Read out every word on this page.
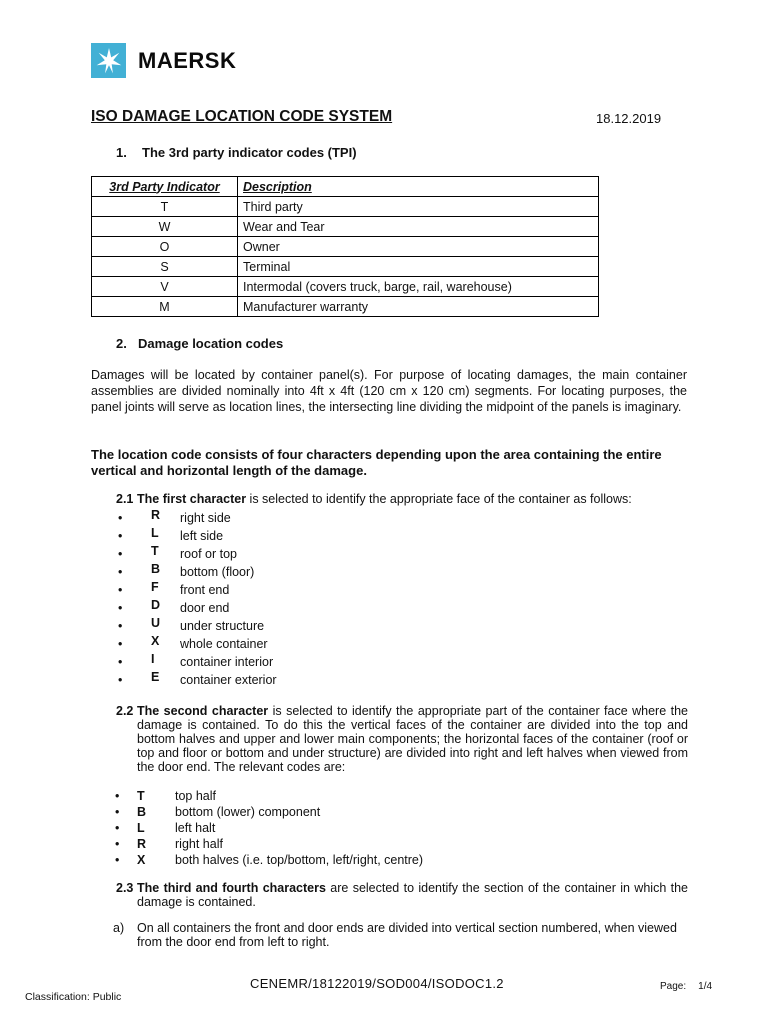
MAERSK
ISO DAMAGE LOCATION CODE SYSTEM	18.12.2019
1. The 3rd party indicator codes (TPI)
3rd Party Indicator	Description
T	Third party
W	Wear and Tear
O	Owner
S	Terminal
V	Intermodal (covers truck, barge, rail, warehouse)
M	Manufacturer warranty
2. Damage location codes
Damages will be located by container panel(s). For purpose of locating damages, the main container assemblies are divided nominally into 4ft x 4ft (120 cm x 120 cm) segments. For locating purposes, the panel joints will serve as location lines, the intersecting line dividing the midpoint of the panels is imaginary.
The location code consists of four characters depending upon the area containing the entire vertical and horizontal length of the damage.
2.1 The first character is selected to identify the appropriate face of the container as follows:
• R right side
• L left side
• T roof or top
• B bottom (floor)
• F front end
• D door end
• U under structure
• X whole container
• I container interior
• E container exterior
2.2 The second character is selected to identify the appropriate part of the container face where the damage is contained. To do this the vertical faces of the container are divided into the top and bottom halves and upper and lower main components; the horizontal faces of the container (roof or top and floor or bottom and under structure) are divided into right and left halves when viewed from the door end. The relevant codes are:
• T top half
• B bottom (lower) component
• L left halt
• R right half
• X both halves (i.e. top/bottom, left/right, centre)
2.3 The third and fourth characters are selected to identify the section of the container in which the damage is contained.
a) On all containers the front and door ends are divided into vertical section numbered, when viewed from the door end from left to right.
CENEMR/18122019/SOD004/ISODOC1.2	Page: 1/4
Classification: Public
